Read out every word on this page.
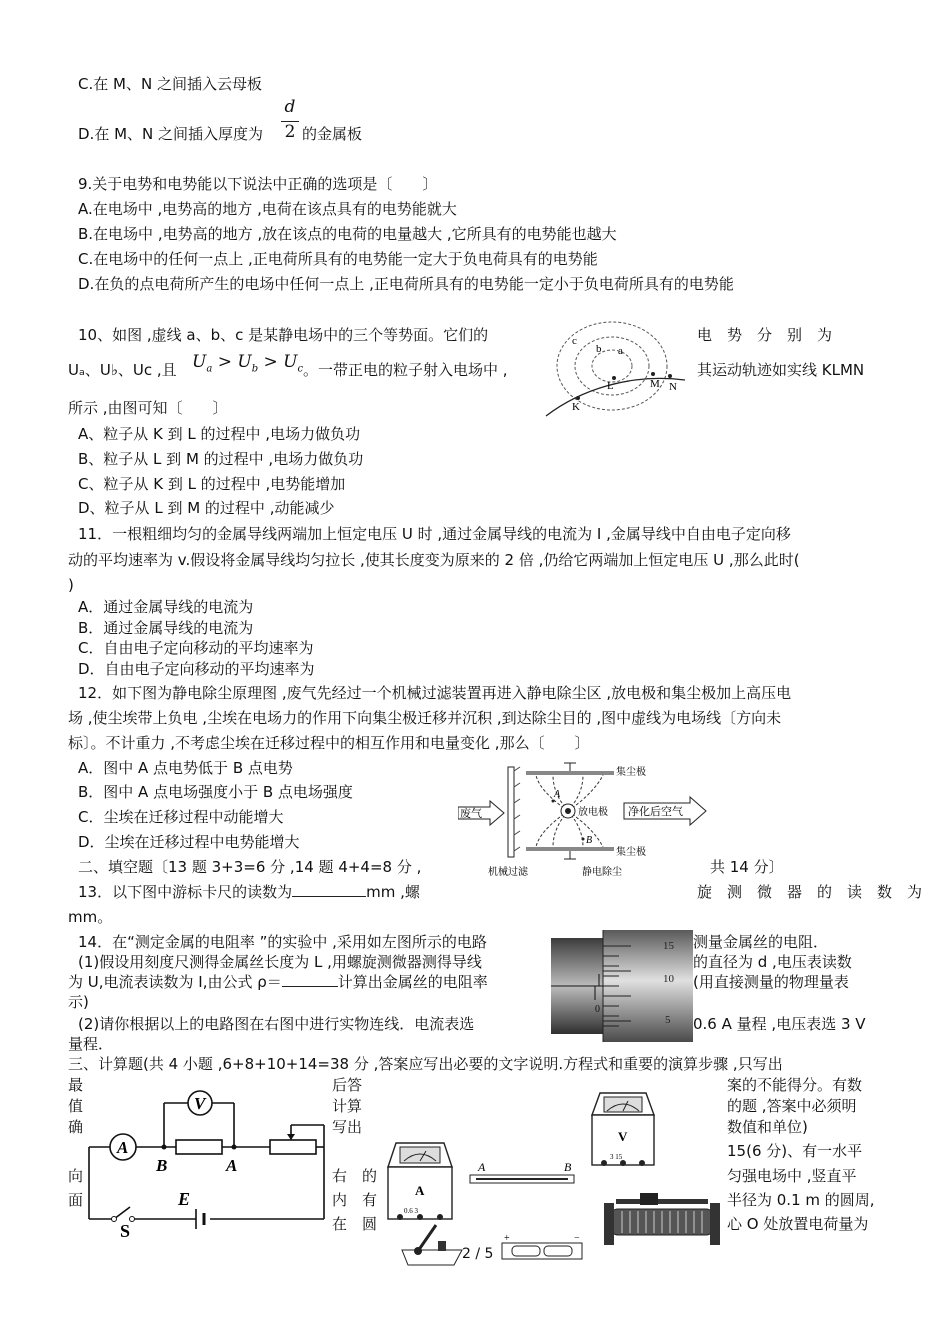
C.在 M、N 之间插入云母板
D.在 M、N 之间插入厚度为
d
2 的金属板
9.关于电势和电势能以下说法中正确的选项是〔　　〕
A.在电场中 ,电势高的地方 ,电荷在该点具有的电势能就大
B.在电场中 ,电势高的地方 ,放在该点的电荷的电量越大 ,它所具有的电势能也越大
C.在电场中的任何一点上 ,正电荷所具有的电势能一定大于负电荷具有的电势能
D.在负的点电荷所产生的电场中任何一点上 ,正电荷所具有的电势能一定小于负电荷所具有的电势能
10、如图 ,虚线 a、b、c 是某静电场中的三个等势面。它们的	电　势　分　别　为
Uₐ、U♭、Uc ,且 $U_a > U_b > U_c$ 。一带正电的粒子射入电场中 ,	其运动轨迹如实线 KLMN
所示 ,由图可知〔　　〕
c
b a
L	M N
K
A、粒子从 K 到 L 的过程中 ,电场力做负功
B、粒子从 L 到 M 的过程中 ,电场力做负功
C、粒子从 K 到 L 的过程中 ,电势能增加
D、粒子从 L 到 M 的过程中 ,动能减少
11．一根粗细均匀的金属导线两端加上恒定电压 U 时 ,通过金属导线的电流为 I ,金属导线中自由电子定向移
动的平均速率为 v.假设将金属导线均匀拉长 ,使其长度变为原来的 2 倍 ,仍给它两端加上恒定电压 U ,那么此时(
)
A．通过金属导线的电流为
B．通过金属导线的电流为
C．自由电子定向移动的平均速率为
D．自由电子定向移动的平均速率为
12．如下图为静电除尘原理图 ,废气先经过一个机械过滤装置再进入静电除尘区 ,放电极和集尘极加上高压电
场 ,使尘埃带上负电 ,尘埃在电场力的作用下向集尘极迁移并沉积 ,到达除尘目的 ,图中虚线为电场线〔方向未
标〕。不计重力 ,不考虑尘埃在迁移过程中的相互作用和电量变化 ,那么〔　　〕
A．图中 A 点电势低于 B 点电势
B．图中 A 点电场强度小于 B 点电场强度
C．尘埃在迁移过程中动能增大
D．尘埃在迁移过程中电势能增大
废气	净化后空气
放电极
集尘极
集尘极
机械过滤	静电除尘
A
B
二、填空题〔13 题 3+3=6 分 ,14 题 4+4=8 分 ,	共 14 分〕
13．以下图中游标卡尺的读数为	mm ,螺	旋　测　微　器　的　读　数　为
mm。
14．在“测定金属的电阻率 ”的实验中 ,采用如左图所示的电路	测量金属丝的电阻．
(1)假设用刻度尺测得金属丝长度为 L ,用螺旋测微器测得导线	的直径为 d ,电压表读数
为 U,电流表读数为 I,由公式 ρ＝	计算出金属丝的电阻率	(用直接测量的物理量表
示)
(2)请你根据以上的电路图在右图中进行实物连线．电流表选	0.6 A 量程 ,电压表选 3 V
量程．
15
10
5
0
三、计算题(共 4 小题 ,6+8+10+14=38 分 ,答案应写出必要的文字说明.方程式和重要的演算步骤 ,只写出
最
值
确
向
面
后答
计算
写出
右　的
内　有
在　圆
案的不能得分。有数
的题 ,答案中必须明
数值和单位)
15(6 分)、有一水平
匀强电场中 ,竖直平
半径为 0.1 m 的圆周,
心 O 处放置电荷量为
V
A
B	A
E
S
A
0.6 3
A	B
V
3 15
+	−
2 / 5
